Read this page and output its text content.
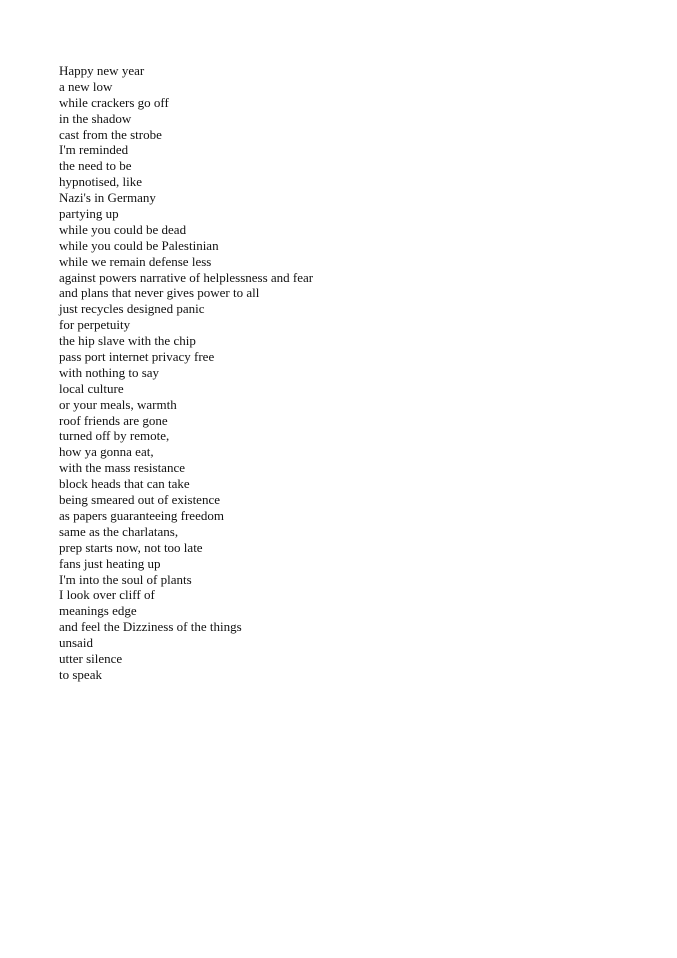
Happy new year
a new low
while crackers go off
in the shadow
cast from the strobe
I'm reminded
the need to be
hypnotised, like
Nazi's in Germany
partying up
while you could be dead
while you could be Palestinian
while we remain defense less
against powers narrative of helplessness and fear
and plans that never gives power to all
just recycles designed panic
for perpetuity
the hip slave with the chip
pass port internet privacy free
with nothing to say
local culture
or your meals, warmth
roof friends are gone
turned off by remote,
how ya gonna eat,
with the mass resistance
block heads that can take
being smeared out of existence
as papers guaranteeing freedom
same as the charlatans,
prep starts now, not too late
fans just heating up
I'm into the soul of plants
I look over cliff of
meanings edge
and feel the Dizziness of the things
unsaid
utter silence
to speak
